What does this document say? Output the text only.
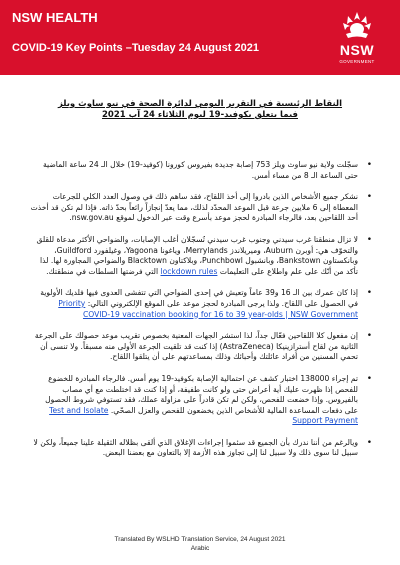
NSW HEALTH
COVID-19 Key Points –Tuesday 24 August 2021	NSW
GOVERNMENT
النقاط الرئيسية في التقرير اليومي لدائرة الصحة في نيو ساوث ويلز
فيما يتعلق بكوفيد-19 ليوم الثلاثاء 24 آب 2021
•
سجّلت ولاية نيو ساوث ويلز 753 إصابة جديدة بفيروس كورونا (كوفيد-19) خلال الـ 24 ساعة الماضية حتى الساعة الـ 8 من مساء أمس.
•
نشكر جميع الأشخاص الذين بادروا إلى أخذ اللقاح، فقد ساهم ذلك في وصول العدد الكلي للجرعات المعطاة إلى 6 ملايين جرعة قبل الموعد المحدّد لذلك، مما يعدّ إنجازاً رائعاً بحدّ ذاته. فإذا لم تكن قد أخذت أحد اللقاحين بعد، فالرجاء المبادرة لحجز موعد بأسرع وقت عبر الدخول لموقع nsw.gov.au.
•
لا تزال منطقتا غرب سيدني وجنوب غرب سيدني تُسجّلان أغلب الإصابات، والضواحي الأكثر مدعاة للقلق والتخوّف هي: أوبرن Auburn، وميريلاندز Merrylands، وياغونا Yagoona، وغيلفورد Guildford، وبانكستاون Bankstown، وبانشبول Punchbowl، وبلاكتاون Blacktown والضواحي المجاورة لها. لذا تأكد من أنّك على علم واطلاع على التعليمات lockdown rules التي فرضتها السلطات في منطقتك.
•
إذا كان عمرك بين الـ 16 و39 عاماً وتعيش في إحدى الضواحي التي تتفشى العدوى فيها فلديك الأولوية في الحصول على اللقاح. ولذا يرجى المبادرة لحجز موعد على الموقع الإلكتروني التالي: Priority COVID-19 vaccination booking for 16 to 39 year-olds | NSW Government
•
إن مفعول كلا اللقاحين فعّال جداً، لذا استشر الجهات المعنية بخصوص تقريب موعد حصولك على الجرعة الثانية من لقاح أسترازينيكا (AstraZeneca) إذا كنت قد تلقيت الجرعة الأولى منه مسبقاً. ولا تنسى أن تحمي المسنين من أفراد عائلتك وأحبائك وذلك بمساعدتهم على أن يتلقوا اللقاح.
•
تم إجراء 138000 اختبار كشف عن احتمالية الإصابة بكوفيد-19 يوم أمس. فالرجاء المبادرة للخضوع للفحص إذا ظهرت عليك أية أعراض حتى ولو كانت طفيفة، أو إذا كنت قد اختلطت مع أي مصاب بالفيروس. وإذا خضعت للفحص، ولكن لم تكن قادراً على مزاولة عملك، فقد تستوفي شروط الحصول على دفعات المساعدة المالية للأشخاص الذين يخضعون للفحص والعزل الصحّي. Test and Isolate Support Payment
•
ويالرغم من أننا ندرك بأن الجميع قد سئموا إجراءات الإغلاق الذي ألقى بظلاله الثقيلة علينا جميعاً، ولكن لا سبيل لنا سوى ذلك ولا سبيل لنا إلى تجاوز هذه الأزمة إلا بالتعاون مع بعضنا البعض.
Translated By WSLHD Translation Service, 24 August 2021
Arabic
